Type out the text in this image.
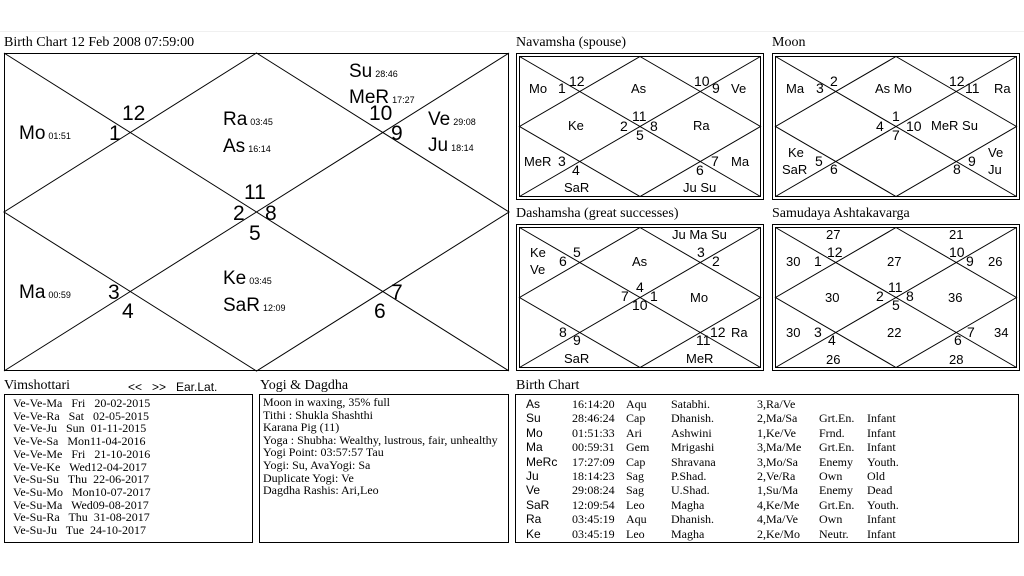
Birth Chart 12 Feb 2008 07:59:00	Navamsha (spouse)	Moon
Dashamsha (great successes)	Samudaya Ashtakavarga
12
1
11
2 8
5
10
9
3
4
7
6
Su 28:46
MeR 17:27
Ra 03:45
As 16:14
Ve 29:08
Ju 18:14
Mo 01:51
Ma 00:59
Ke 03:45
SaR 12:09
12
1	10 9
11
2 8
5
3
4	6
7
Mo	As	Ve
Ke	Ra
MeR	Ma
SaR	Ju Su
2
3	12 11
1
4 10
7
5 6	9
8
Ma	As Mo	Ra
MeR Su
Ke
SaR
Ve
Ju
5
6
3
2
4
7 1
10
8 9	12
11
Ke
Ve
Ju Ma Su
As
Mo
Ra
SaR	MeR
12
1
10
9
11
2 8
5
3 4	7
6
27	21
30	27	26
30	36
30	22	34
26	28
Vimshottari	<< >> Ear.Lat.
Ve-Ve-Ma   Fri   20-02-2015
Ve-Ve-Ra   Sat   02-05-2015
Ve-Ve-Ju   Sun  01-11-2015
Ve-Ve-Sa   Mon11-04-2016
Ve-Ve-Me   Fri   21-10-2016
Ve-Ve-Ke   Wed12-04-2017
Ve-Su-Su   Thu  22-06-2017
Ve-Su-Mo   Mon10-07-2017
Ve-Su-Ma   Wed09-08-2017
Ve-Su-Ra   Thu  31-08-2017
Ve-Su-Ju   Tue  24-10-2017
Yogi & Dagdha
Moon in waxing, 35% full
Tithi : Shukla Shashthi
Karana Pig (11)
Yoga : Shubha: Wealthy, lustrous, fair, unhealthy
Yogi Point: 03:57:57 Tau
Yogi: Su, AvaYogi: Sa
Duplicate Yogi: Ve
Dagdha Rashis: Ari,Leo
Birth Chart
As	16:14:20	Aqu	Satabhi.	3,Ra/Ve		
Su	28:46:24	Cap	Dhanish.	2,Ma/Sa	Grt.En.	Infant
Mo	01:51:33	Ari	Ashwini	1,Ke/Ve	Frnd.	Infant
Ma	00:59:31	Gem	Mrigashi	3,Ma/Me	Grt.En.	Infant
MeRc	17:27:09	Cap	Shravana	3,Mo/Sa	Enemy	Youth.
Ju	18:14:23	Sag	P.Shad.	2,Ve/Ra	Own	Old
Ve	29:08:24	Sag	U.Shad.	1,Su/Ma	Enemy	Dead
SaR	12:09:54	Leo	Magha	4,Ke/Me	Grt.En.	Youth.
Ra	03:45:19	Aqu	Dhanish.	4,Ma/Ve	Own	Infant
Ke	03:45:19	Leo	Magha	2,Ke/Mo	Neutr.	Infant
